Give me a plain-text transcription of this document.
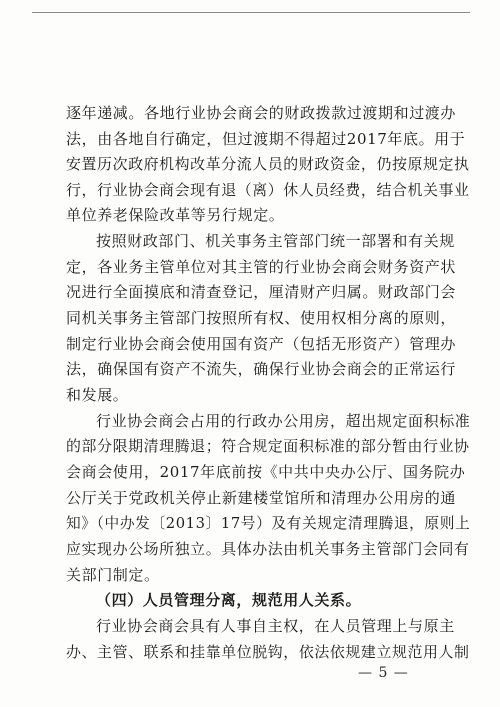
逐年递减。各地行业协会商会的财政拨款过渡期和过渡办
法，由各地自行确定，但过渡期不得超过2017年底。用于
安置历次政府机构改革分流人员的财政资金，仍按原规定执
行，行业协会商会现有退（离）休人员经费，结合机关事业
单位养老保险改革等另行规定。
按照财政部门、机关事务主管部门统一部署和有关规
定，各业务主管单位对其主管的行业协会商会财务资产状
况进行全面摸底和清查登记，厘清财产归属。财政部门会
同机关事务主管部门按照所有权、使用权相分离的原则，
制定行业协会商会使用国有资产（包括无形资产）管理办
法，确保国有资产不流失，确保行业协会商会的正常运行
和发展。
行业协会商会占用的行政办公用房，超出规定面积标准
的部分限期清理腾退；符合规定面积标准的部分暂由行业协
会商会使用，2017年底前按《中共中央办公厅、国务院办
公厅关于党政机关停止新建楼堂馆所和清理办公用房的通
知》（中办发〔2013〕17号）及有关规定清理腾退，原则上
应实现办公场所独立。具体办法由机关事务主管部门会同有
关部门制定。
（四）人员管理分离，规范用人关系。
行业协会商会具有人事自主权，在人员管理上与原主
办、主管、联系和挂靠单位脱钩，依法依规建立规范用人制
— 5 —
